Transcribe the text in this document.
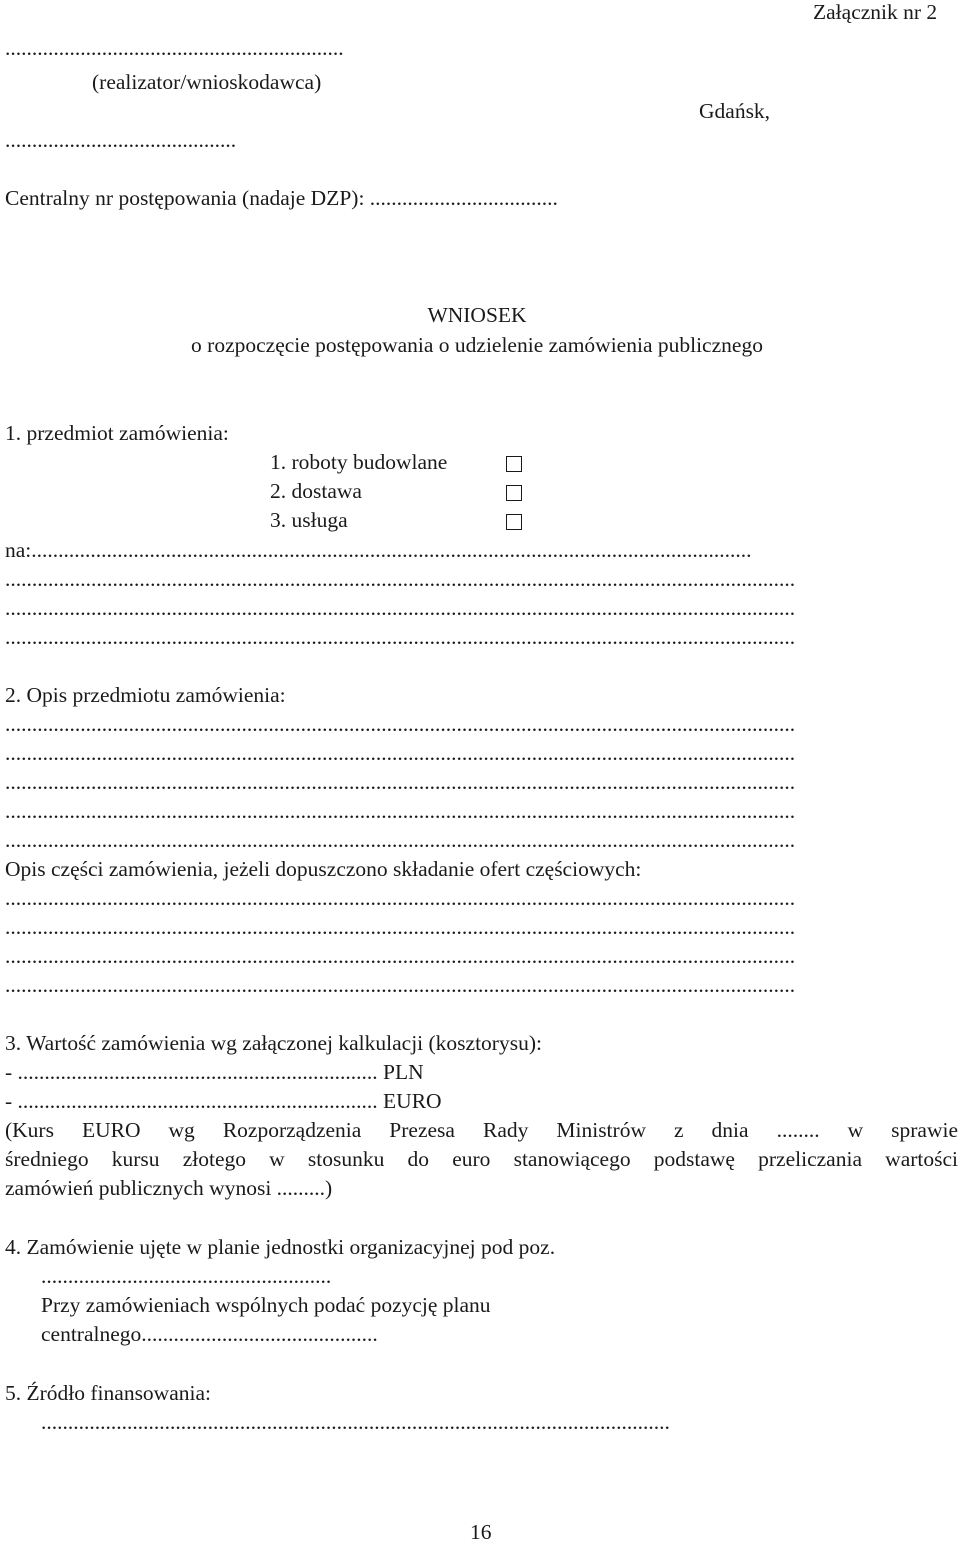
Załącznik nr 2
...............................................................
(realizator/wnioskodawca)
Gdańsk,
...........................................
Centralny nr postępowania (nadaje DZP): ...................................
WNIOSEK
o rozpoczęcie postępowania o udzielenie zamówienia publicznego
1. przedmiot zamówienia:
1. roboty budowlane
2. dostawa
3. usługa
na:......................................................................................................................................
...................................................................................................................................................
...................................................................................................................................................
...................................................................................................................................................
2. Opis przedmiotu zamówienia:
...................................................................................................................................................
...................................................................................................................................................
...................................................................................................................................................
...................................................................................................................................................
...................................................................................................................................................
Opis części zamówienia, jeżeli dopuszczono składanie ofert częściowych:
...................................................................................................................................................
...................................................................................................................................................
...................................................................................................................................................
...................................................................................................................................................
3. Wartość zamówienia wg załączonej kalkulacji (kosztorysu):
- ................................................................... PLN
- ................................................................... EURO
(Kurs EURO wg Rozporządzenia Prezesa Rady Ministrów z dnia ........ w sprawie
średniego kursu złotego w stosunku do euro stanowiącego podstawę przeliczania wartości
zamówień publicznych wynosi .........)
4. Zamówienie ujęte w planie jednostki organizacyjnej pod poz.
......................................................
Przy zamówieniach wspólnych podać pozycję planu
centralnego............................................
5. Źródło finansowania:
.....................................................................................................................
16
